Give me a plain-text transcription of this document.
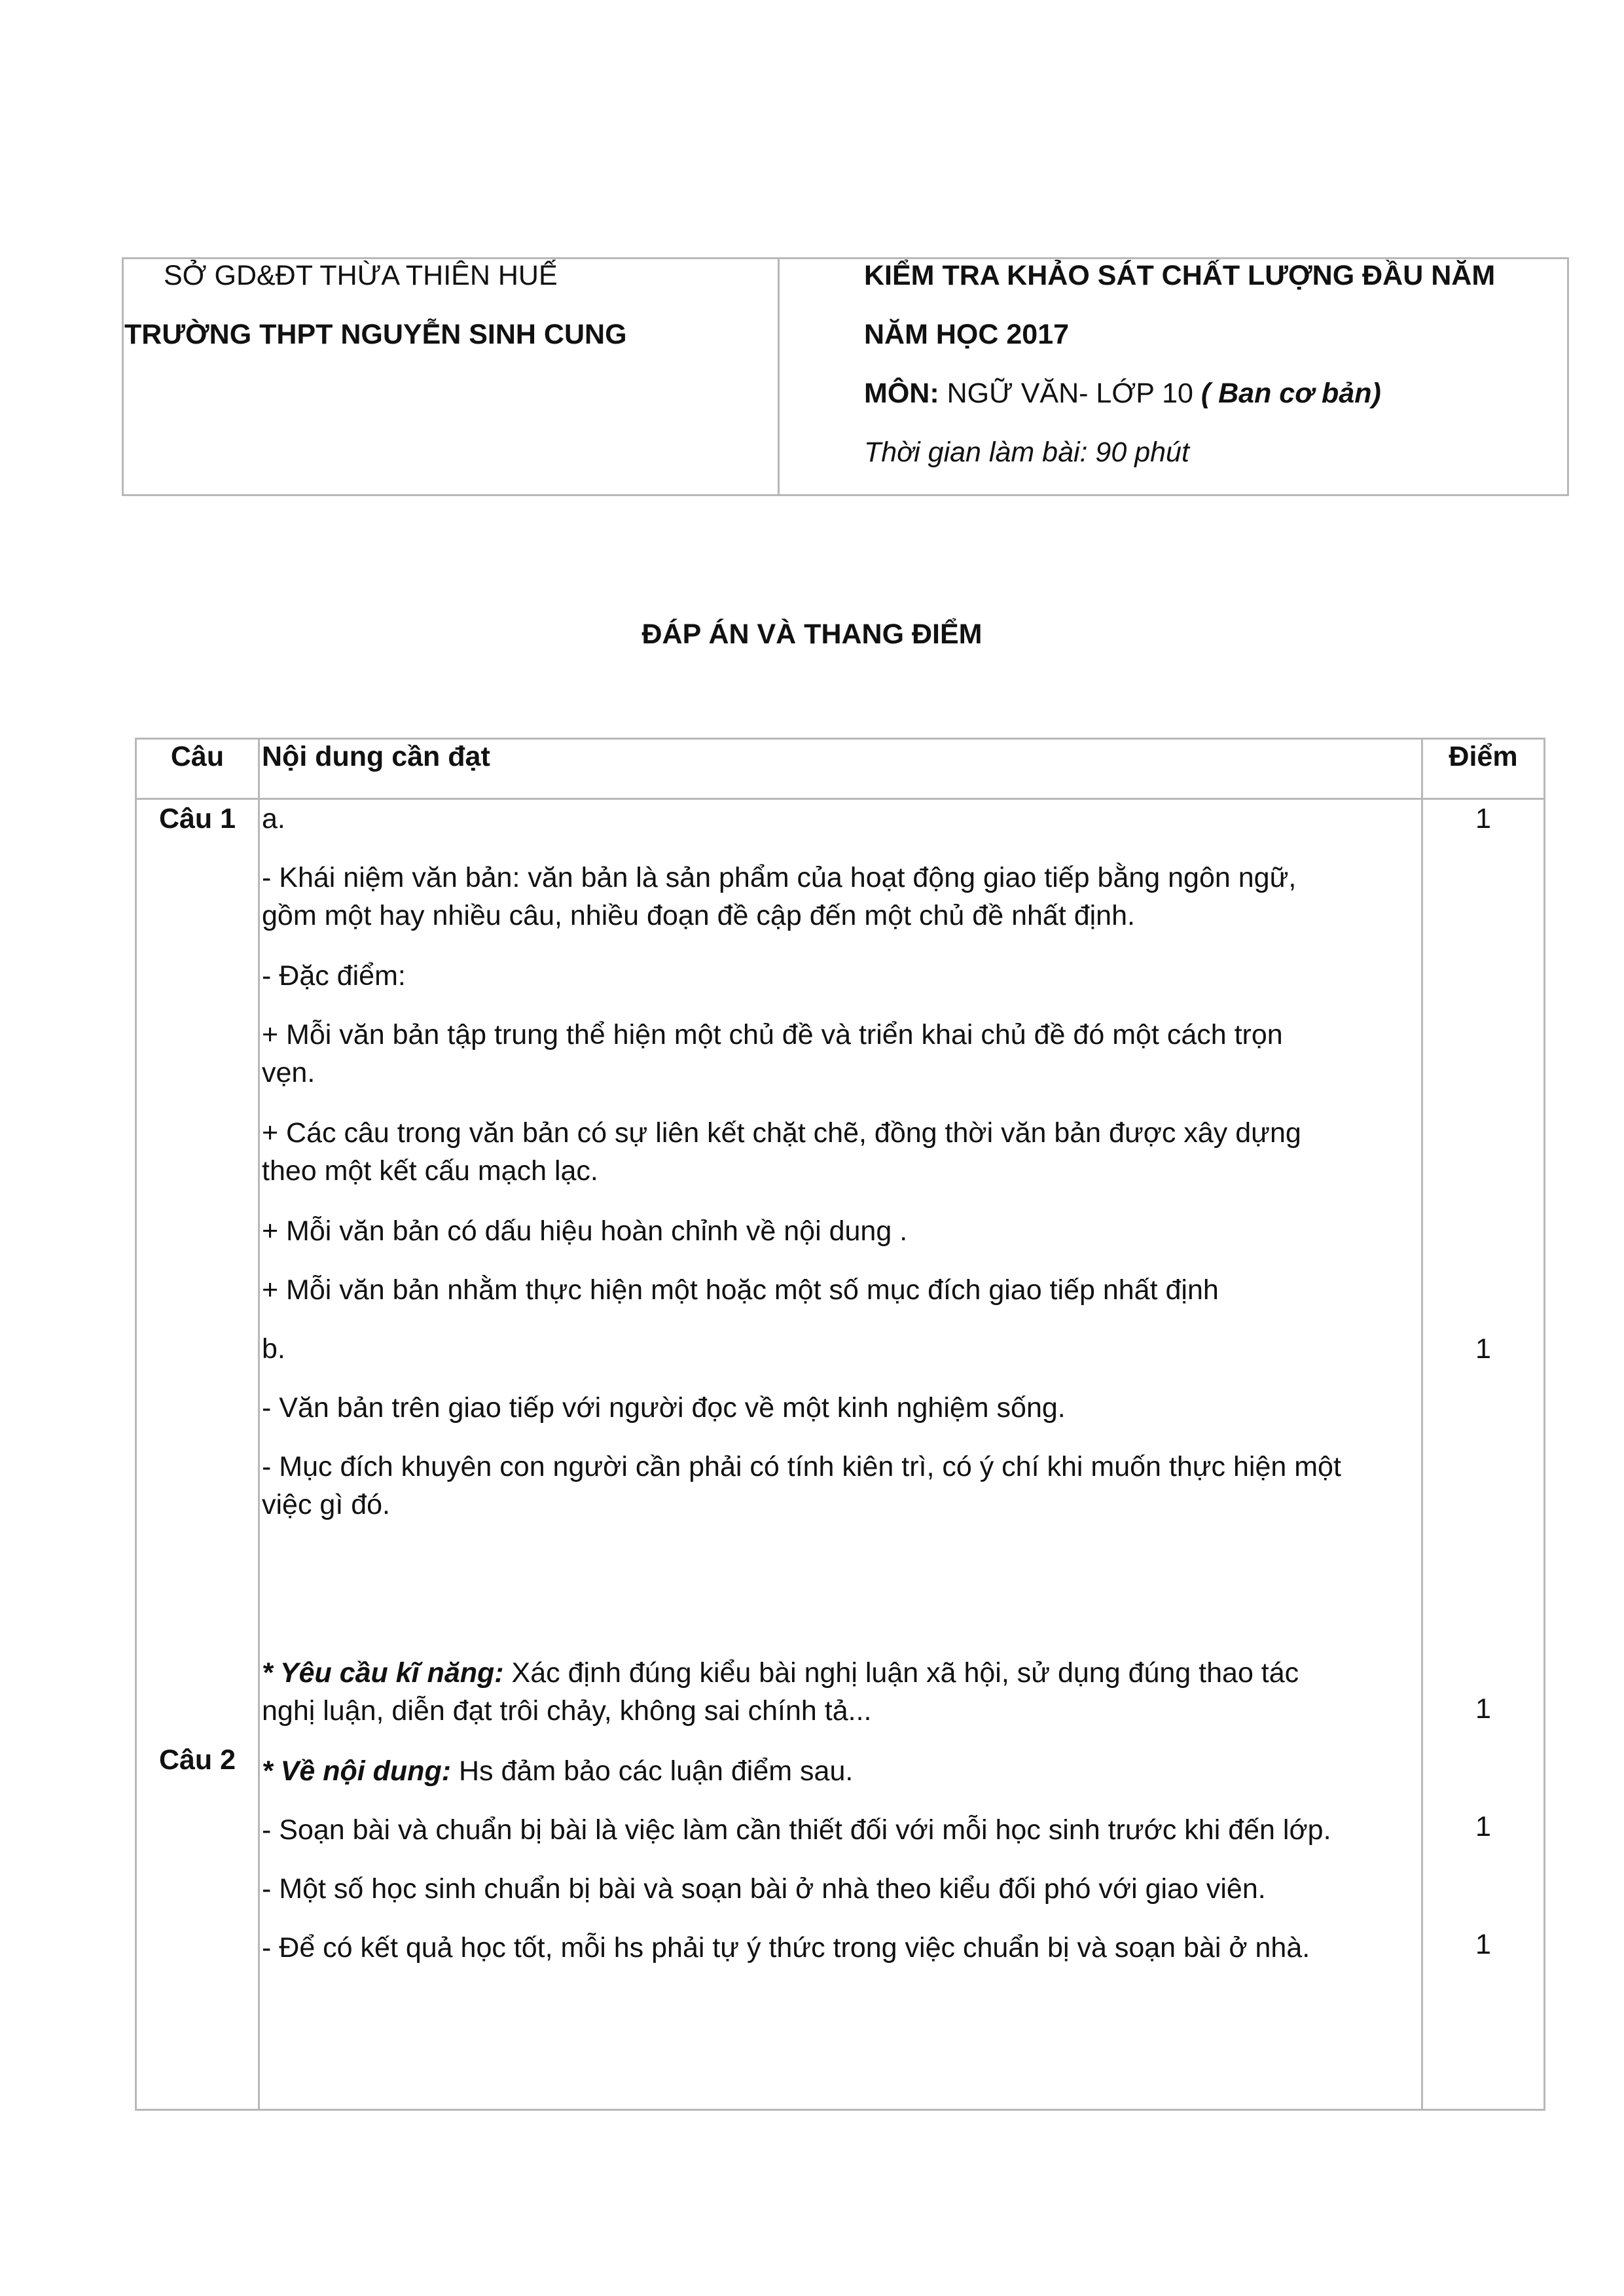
SỞ GD&ĐT THỪA THIÊN HUẾ
TRƯỜNG THPT NGUYỄN SINH CUNG
KIỂM TRA KHẢO SÁT CHẤT LƯỢNG ĐẦU NĂM
NĂM HỌC 2017
MÔN: NGỮ VĂN- LỚP 10 ( Ban cơ bản)
Thời gian làm bài: 90 phút
ĐÁP ÁN VÀ THANG ĐIỂM
Câu	Nội dung cần đạt	Điểm
Câu 1 a.
- Khái niệm văn bản: văn bản là sản phẩm của hoạt động giao tiếp bằng ngôn ngữ,
gồm một hay nhiều câu, nhiều đoạn đề cập đến một chủ đề nhất định.
- Đặc điểm:
+ Mỗi văn bản tập trung thể hiện một chủ đề và triển khai chủ đề đó một cách trọn
vẹn.
+ Các câu trong văn bản có sự liên kết chặt chẽ, đồng thời văn bản được xây dựng
theo một kết cấu mạch lạc.
+ Mỗi văn bản có dấu hiệu hoàn chỉnh về nội dung .
+ Mỗi văn bản nhằm thực hiện một hoặc một số mục đích giao tiếp nhất định
b.
- Văn bản trên giao tiếp với người đọc về một kinh nghiệm sống.
- Mục đích khuyên con người cần phải có tính kiên trì, có ý chí khi muốn thực hiện một
việc gì đó.
1
1
Câu 2
* Yêu cầu kĩ năng: Xác định đúng kiểu bài nghị luận xã hội, sử dụng đúng thao tác
nghị luận, diễn đạt trôi chảy, không sai chính tả...
* Về nội dung: Hs đảm bảo các luận điểm sau.
- Soạn bài và chuẩn bị bài là việc làm cần thiết đối với mỗi học sinh trước khi đến lớp.
- Một số học sinh chuẩn bị bài và soạn bài ở nhà theo kiểu đối phó với giao viên.
- Để có kết quả học tốt, mỗi hs phải tự ý thức trong việc chuẩn bị và soạn bài ở nhà.
1
1
1
